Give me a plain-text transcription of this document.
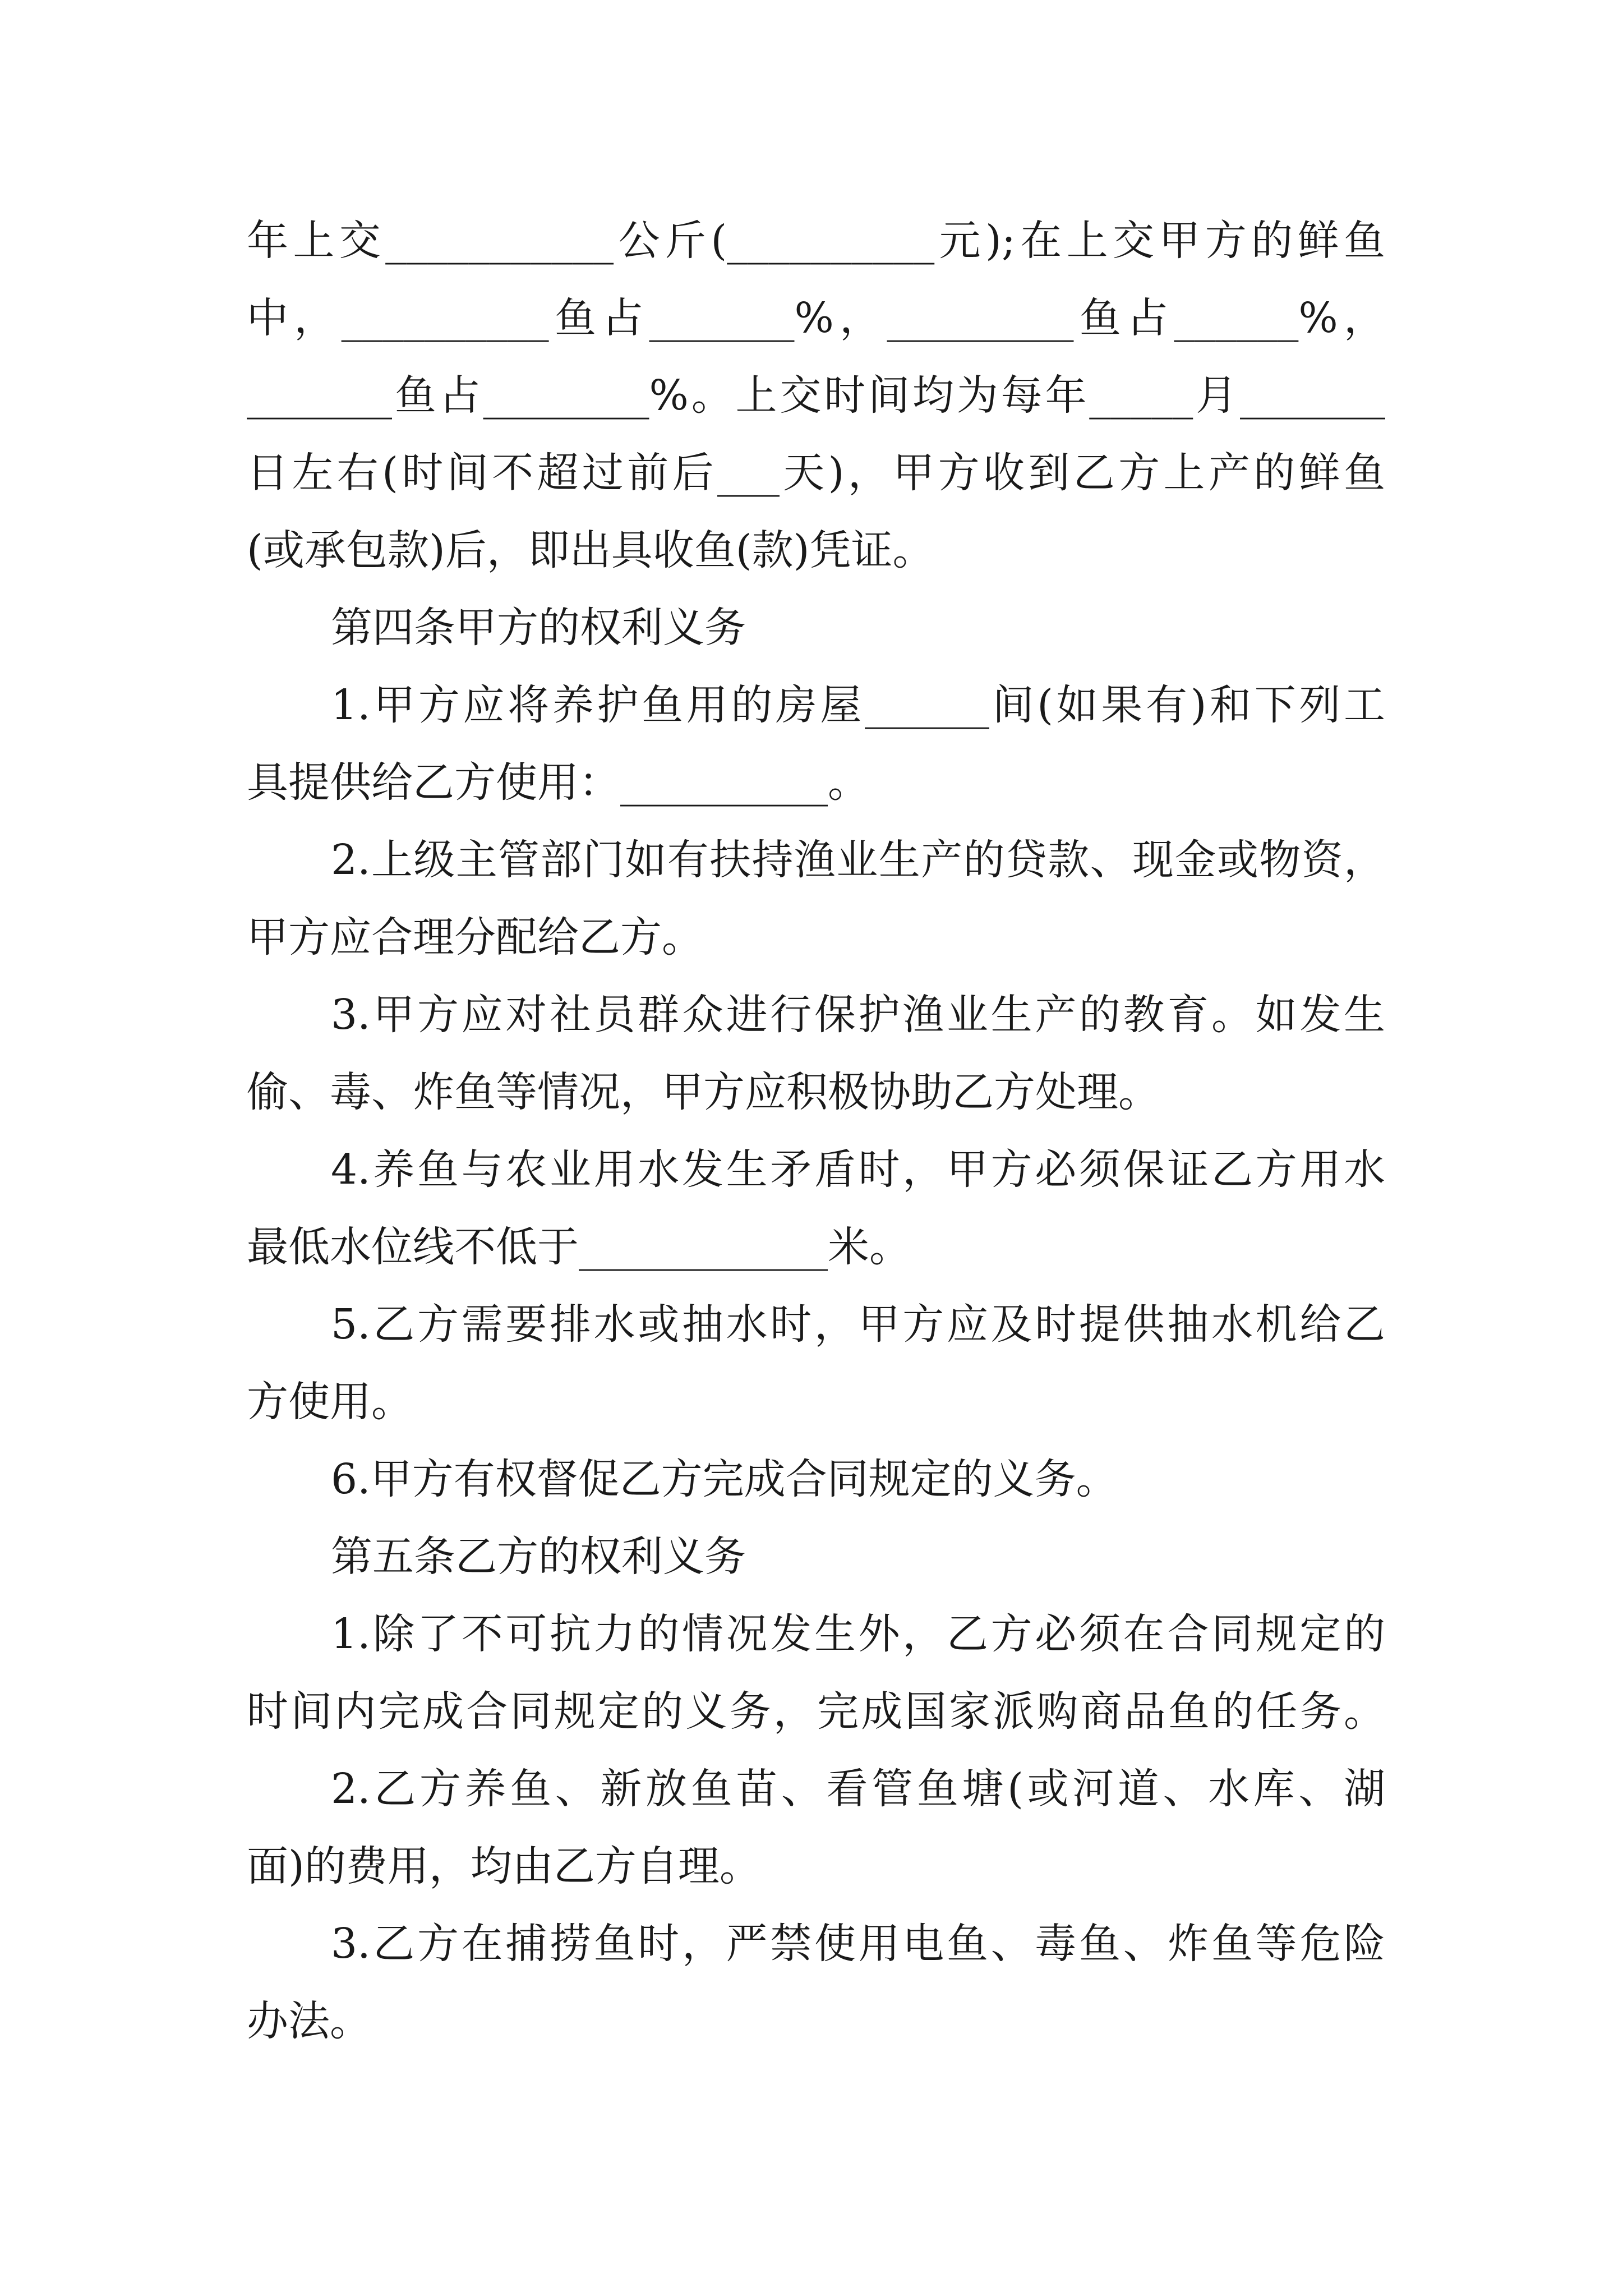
年上交___________公斤(__________元);在上交甲方的鲜鱼
中，__________鱼占_______%，_________鱼占______%，
_______鱼占________%。上交时间均为每年_____月_______
日左右(时间不超过前后___天)，甲方收到乙方上产的鲜鱼
(或承包款)后，即出具收鱼(款)凭证。
第四条甲方的权利义务
1.甲方应将养护鱼用的房屋______间(如果有)和下列工
具提供给乙方使用：__________。
2.上级主管部门如有扶持渔业生产的贷款、现金或物资，
甲方应合理分配给乙方。
3.甲方应对社员群众进行保护渔业生产的教育。如发生
偷、毒、炸鱼等情况，甲方应积极协助乙方处理。
4.养鱼与农业用水发生矛盾时，甲方必须保证乙方用水
最低水位线不低于____________米。
5.乙方需要排水或抽水时，甲方应及时提供抽水机给乙
方使用。
6.甲方有权督促乙方完成合同规定的义务。
第五条乙方的权利义务
1.除了不可抗力的情况发生外，乙方必须在合同规定的
时间内完成合同规定的义务，完成国家派购商品鱼的任务。
2.乙方养鱼、新放鱼苗、看管鱼塘(或河道、水库、湖
面)的费用，均由乙方自理。
3.乙方在捕捞鱼时，严禁使用电鱼、毒鱼、炸鱼等危险
办法。
